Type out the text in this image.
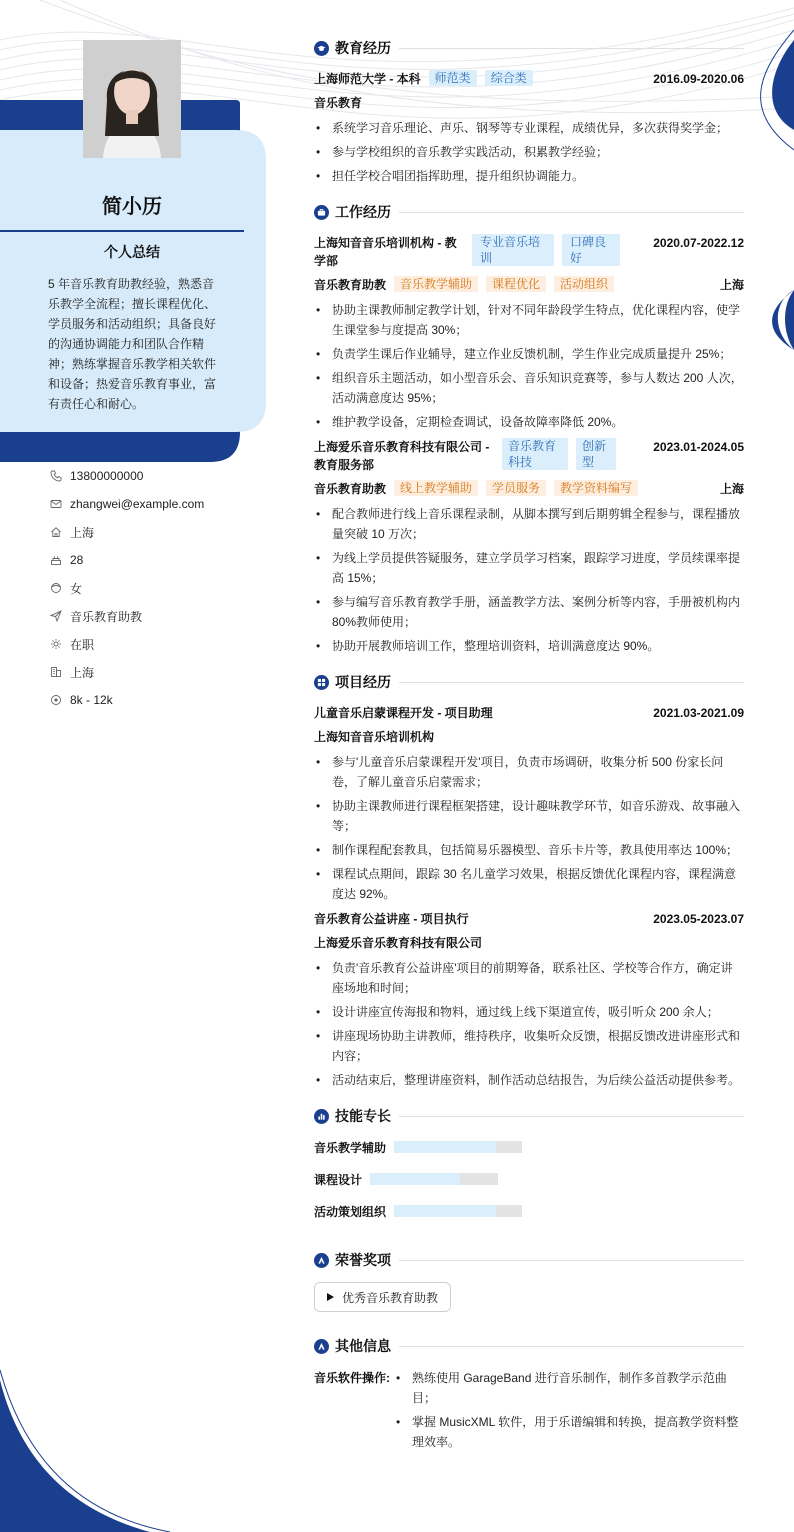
简小历
个人总结
5 年音乐教育助教经验，熟悉音乐教学全流程；擅长课程优化、学员服务和活动组织；具备良好的沟通协调能力和团队合作精神；熟练掌握音乐教学相关软件和设备；热爱音乐教育事业，富有责任心和耐心。
13800000000
zhangwei@example.com
上海
28
女
音乐教育助教
在职
上海
8k - 12k
教育经历
上海师范大学 - 本科	师范类	综合类	2016.09-2020.06
音乐教育
• 系统学习音乐理论、声乐、钢琴等专业课程，成绩优异，多次获得奖学金；
• 参与学校组织的音乐教学实践活动，积累教学经验；
• 担任学校合唱团指挥助理，提升组织协调能力。
工作经历
上海知音音乐培训机构 - 教学部
专业音乐培训
口碑良好
2020.07-2022.12
音乐教育助教	音乐教学辅助	课程优化	活动组织	上海
• 协助主课教师制定教学计划，针对不同年龄段学生特点，优化课程内容，使学生课堂参与度提高 30%；
• 负责学生课后作业辅导，建立作业反馈机制，学生作业完成质量提升 25%；
• 组织音乐主题活动，如小型音乐会、音乐知识竞赛等，参与人数达 200 人次，活动满意度达 95%；
• 维护教学设备，定期检查调试，设备故障率降低 20%。
上海爱乐音乐教育科技有限公司 - 教育服务部
音乐教育科技
创新型
2023.01-2024.05
音乐教育助教	线上教学辅助	学员服务	教学资料编写	上海
• 配合教师进行线上音乐课程录制，从脚本撰写到后期剪辑全程参与，课程播放量突破 10 万次；
• 为线上学员提供答疑服务，建立学员学习档案，跟踪学习进度，学员续课率提高 15%；
• 参与编写音乐教育教学手册，涵盖教学方法、案例分析等内容，手册被机构内 80%教师使用；
• 协助开展教师培训工作，整理培训资料，培训满意度达 90%。
项目经历
儿童音乐启蒙课程开发 - 项目助理	2021.03-2021.09
上海知音音乐培训机构
• 参与'儿童音乐启蒙课程开发'项目，负责市场调研，收集分析 500 份家长问卷，了解儿童音乐启蒙需求；
• 协助主课教师进行课程框架搭建，设计趣味教学环节，如音乐游戏、故事融入等；
• 制作课程配套教具，包括简易乐器模型、音乐卡片等，教具使用率达 100%；
• 课程试点期间，跟踪 30 名儿童学习效果，根据反馈优化课程内容，课程满意度达 92%。
音乐教育公益讲座 - 项目执行	2023.05-2023.07
上海爱乐音乐教育科技有限公司
• 负责'音乐教育公益讲座'项目的前期筹备，联系社区、学校等合作方，确定讲座场地和时间；
• 设计讲座宣传海报和物料，通过线上线下渠道宣传，吸引听众 200 余人；
• 讲座现场协助主讲教师，维持秩序，收集听众反馈，根据反馈改进讲座形式和内容；
• 活动结束后，整理讲座资料，制作活动总结报告，为后续公益活动提供参考。
技能专长
音乐教学辅助
课程设计
活动策划组织
荣誉奖项
优秀音乐教育助教
其他信息
音乐软件操作:
•	熟练使用 GarageBand 进行音乐制作，制作多首教学示范曲目；
• 掌握 MusicXML 软件，用于乐谱编辑和转换，提高教学资料整理效率。
